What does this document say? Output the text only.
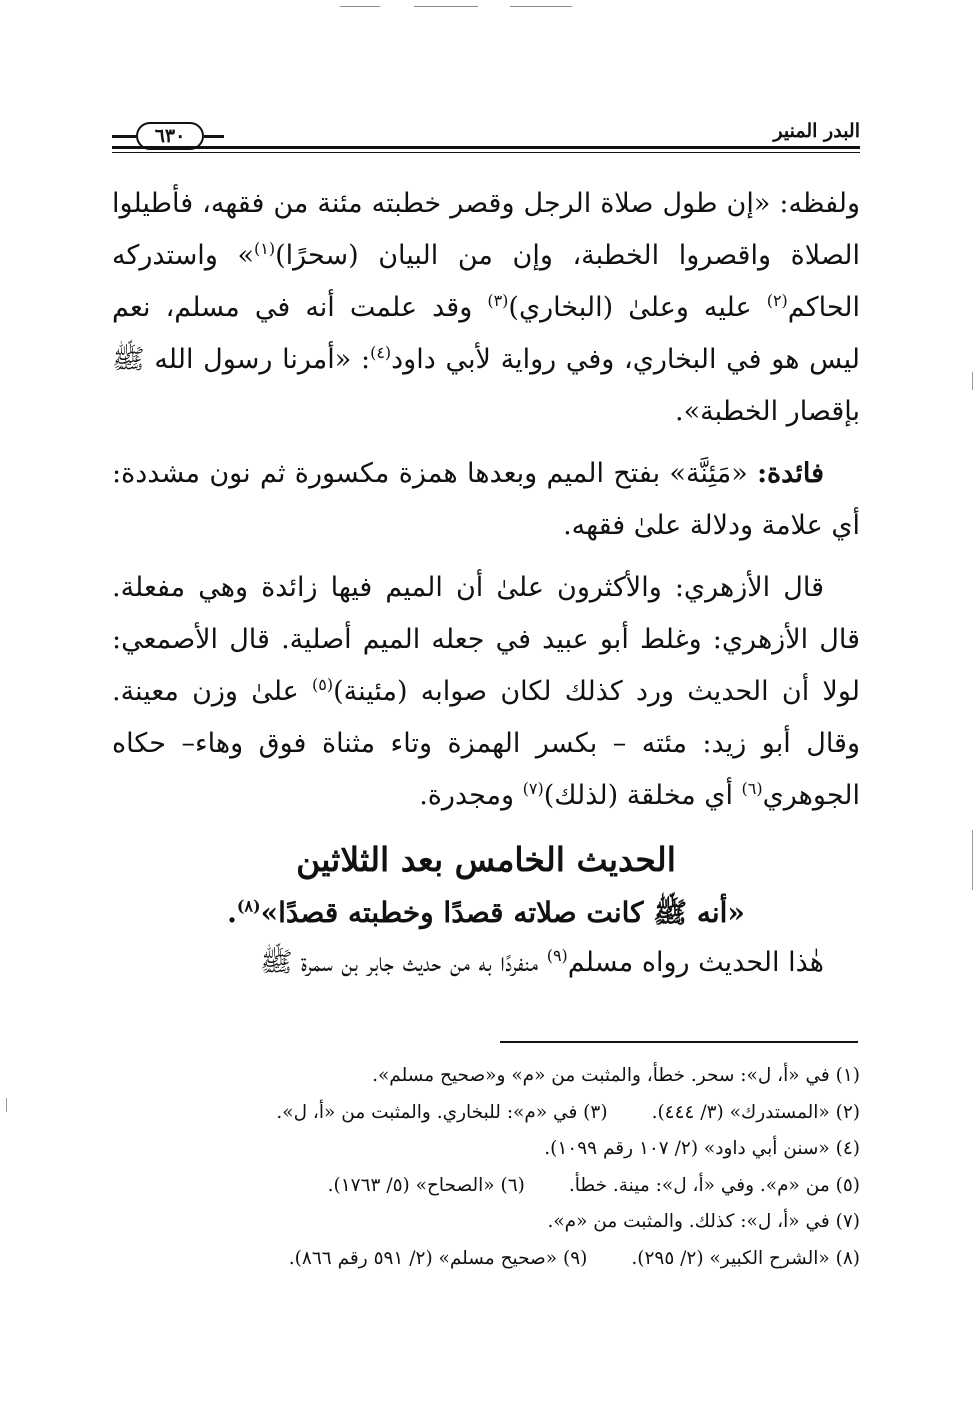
البدر المنير
٦٣٠

ولفظه: «إن طول صلاة الرجل وقصر خطبته مئنة من فقهه، فأطيلوا الصلاة واقصروا الخطبة، وإن من البيان (سحرًا)$^{(١)}$» واستدركه الحاكم$^{(٢)}$ عليه وعلىٰ (البخاري)$^{(٣)}$ وقد علمت أنه في مسلم، نعم ليس هو في البخاري، وفي رواية لأبي داود$^{(٤)}$: «أمرنا رسول الله ﷺ بإقصار الخطبة».

فائدة: «مَئِنَّة» بفتح الميم وبعدها همزة مكسورة ثم نون مشددة: أي علامة ودلالة علىٰ فقهه.

قال الأزهري: والأكثرون علىٰ أن الميم فيها زائدة وهي مفعلة. قال الأزهري: وغلط أبو عبيد في جعله الميم أصلية. قال الأصمعي: لولا أن الحديث ورد كذلك لكان صوابه (مئينة)$^{(٥)}$ علىٰ وزن معينة. وقال أبو زيد: مئته – بكسر الهمزة وتاء مثناة فوق وهاء– حكاه الجوهري$^{(٦)}$ أي مخلقة (لذلك)$^{(٧)}$ ومجدرة.

الحديث الخامس بعد الثلاثين

«أنه ﷺ كانت صلاته قصدًا وخطبته قصدًا»$^{(٨)}$.

هٰذا الحديث رواه مسلم$^{(٩)}$ منفردًا به من حديث جابر بن سمرة ﷺ

(١) في «أ، ل»: سحر. خطأ، والمثبت من «م» و«صحيح مسلم».
(٢) «المستدرك» (٣/ ٤٤٤).(٣) في «م»: للبخاري. والمثبت من «أ، ل».
(٤) «سنن أبي داود» (٢/ ١٠٧ رقم ١٠٩٩).
(٥) من «م». وفي «أ، ل»: مينة. خطأ.(٦) «الصحاح» (٥/ ١٧٦٣).
(٧) في «أ، ل»: كذلك. والمثبت من «م».
(٨) «الشرح الكبير» (٢/ ٢٩٥).(٩) «صحيح مسلم» (٢/ ٥٩١ رقم ٨٦٦).
